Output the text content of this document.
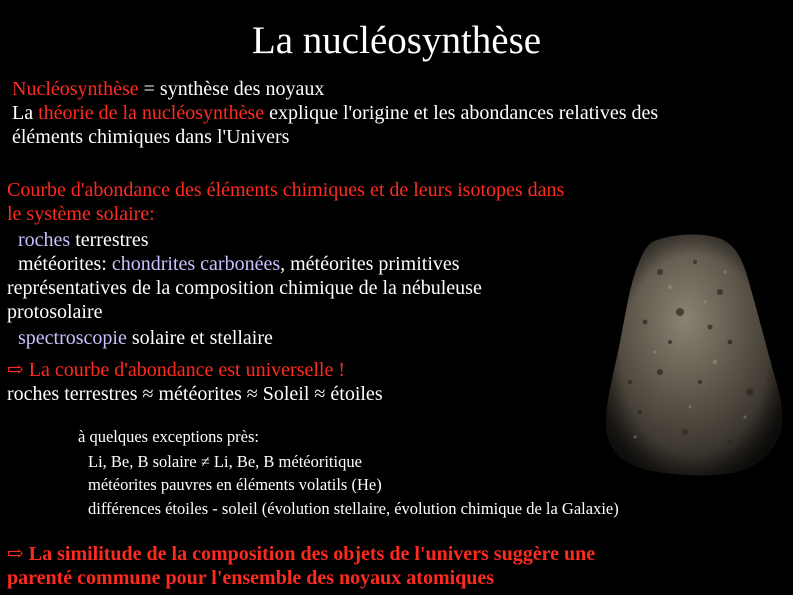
La nucléosynthèse
Nucléosynthèse = synthèse des noyaux
La théorie de la nucléosynthèse explique l'origine et les abondances relatives des
éléments chimiques dans l'Univers
Courbe d'abondance des éléments chimiques et de leurs isotopes dans
le système solaire:
roches terrestres
météorites: chondrites carbonées, météorites primitives
représentatives de la composition chimique de la nébuleuse
protosolaire
spectroscopie solaire et stellaire
⇨ La courbe d'abondance est universelle !
roches terrestres ≈ météorites ≈ Soleil ≈ étoiles
à quelques exceptions près:
Li, Be, B solaire ≠ Li, Be, B météoritique
météorites pauvres en éléments volatils (He)
différences étoiles - soleil (évolution stellaire, évolution chimique de la Galaxie)
⇨ La similitude de la composition des objets de l'univers suggère une
parenté commune pour l'ensemble des noyaux atomiques
